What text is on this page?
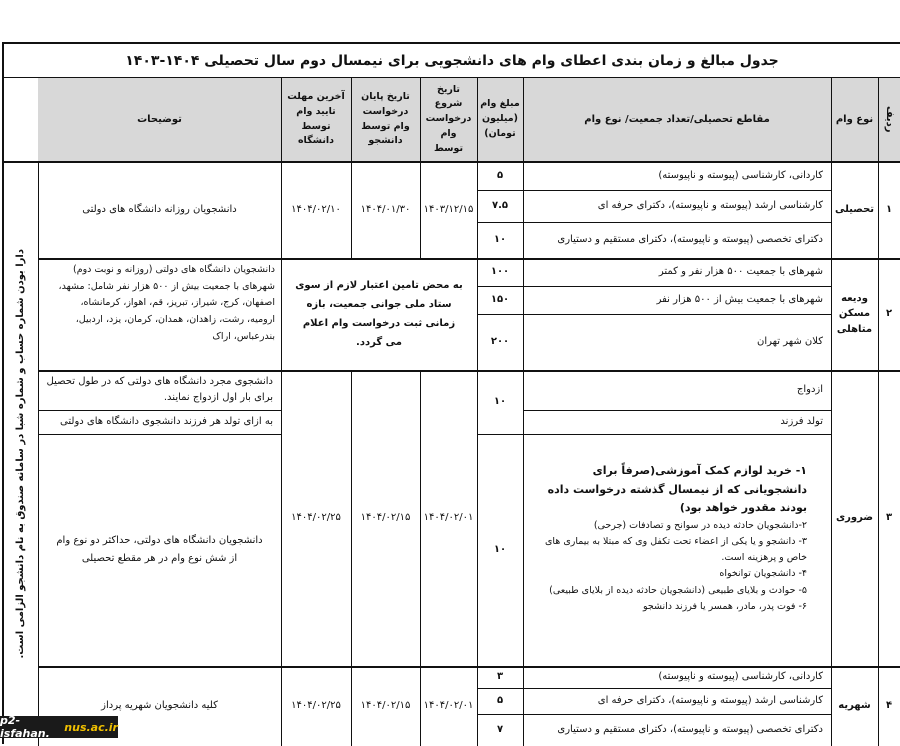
جدول مبالغ و زمان بندی اعطای وام های دانشجویی برای نیمسال دوم سال تحصیلی ۱۴۰۴-۱۴۰۳
ردیف
نوع وام
مقاطع تحصیلی/تعداد جمعیت/ نوع وام
مبلغ وام (میلیون تومان)
تاریخ شروع درخواست وام توسط
تاریخ پایان درخواست وام توسط دانشجو
آخرین مهلت تایید وام توسط دانشگاه
توضیحات
۱
تحصیلی
کاردانی، کارشناسی (پیوسته و ناپیوسته)
کارشناسی ارشد (پیوسته و ناپیوسته)، دکترای حرفه ای
دکترای تخصصی (پیوسته و ناپیوسته)، دکترای مستقیم و دستیاری
۵
۷.۵
۱۰
۱۴۰۳/۱۲/۱۵
۱۴۰۴/۰۱/۳۰
۱۴۰۴/۰۲/۱۰
دانشجویان روزانه دانشگاه های دولتی
۲
ودیعه مسکن متاهلی
شهرهای با جمعیت ۵۰۰ هزار نفر و کمتر
شهرهای با جمعیت بیش از ۵۰۰ هزار نفر
کلان شهر تهران
۱۰۰
۱۵۰
۲۰۰
به محض تامین اعتبار لازم از سوی ستاد ملی جوانی جمعیت، بازه زمانی ثبت درخواست وام اعلام می گردد.
دانشجویان دانشگاه های دولتی (روزانه و نوبت دوم)
شهرهای با جمعیت بیش از ۵۰۰ هزار نفر شامل: مشهد،
اصفهان، کرج، شیراز، تبریز، قم، اهواز، کرمانشاه،
ارومیه، رشت، زاهدان، همدان، کرمان، یزد، اردبیل،
بندرعباس، اراک
۳
ضروری
ازدواج
تولد فرزند
۱- خرید لوازم کمک آموزشی(صرفاً برای دانشجویانی که از نیمسال گذشته درخواست داده بودند مقدور خواهد بود)
۲-دانشجویان حادثه دیده در سوانح و تصادفات (جرحی)
۳- دانشجو و یا یکی از اعضاء تحت تکفل وی که مبتلا به بیماری های خاص و پرهزینه است.
۴- دانشجویان توانخواه
۵- حوادث و بلایای طبیعی (دانشجویان حادثه دیده از بلایای طبیعی)
۶- فوت پدر، مادر، همسر یا فرزند دانشجو
۱۰
۱۰
۱۴۰۴/۰۲/۰۱
۱۴۰۴/۰۲/۱۵
۱۴۰۴/۰۲/۲۵
دانشجوی مجرد دانشگاه های دولتی که در طول تحصیل برای بار اول ازدواج نمایند.
به ازای تولد هر فرزند دانشجوی دانشگاه های دولتی
دانشجویان دانشگاه های دولتی، حداکثر دو نوع وام از شش نوع وام در هر مقطع تحصیلی
۴
شهریه
کاردانی، کارشناسی (پیوسته و ناپیوسته)
کارشناسی ارشد (پیوسته و ناپیوسته)، دکترای حرفه ای
دکترای تخصصی (پیوسته و ناپیوسته)، دکترای مستقیم و دستیاری
۳
۵
۷
۱۴۰۴/۰۲/۰۱
۱۴۰۴/۰۲/۱۵
۱۴۰۴/۰۲/۲۵
کلیه دانشجویان شهریه پرداز
دارا بودن شماره حساب و شماره شبا در سامانه صندوق به نام دانشجو الزامی است.
p2-isfahan.	nus.ac.ir
